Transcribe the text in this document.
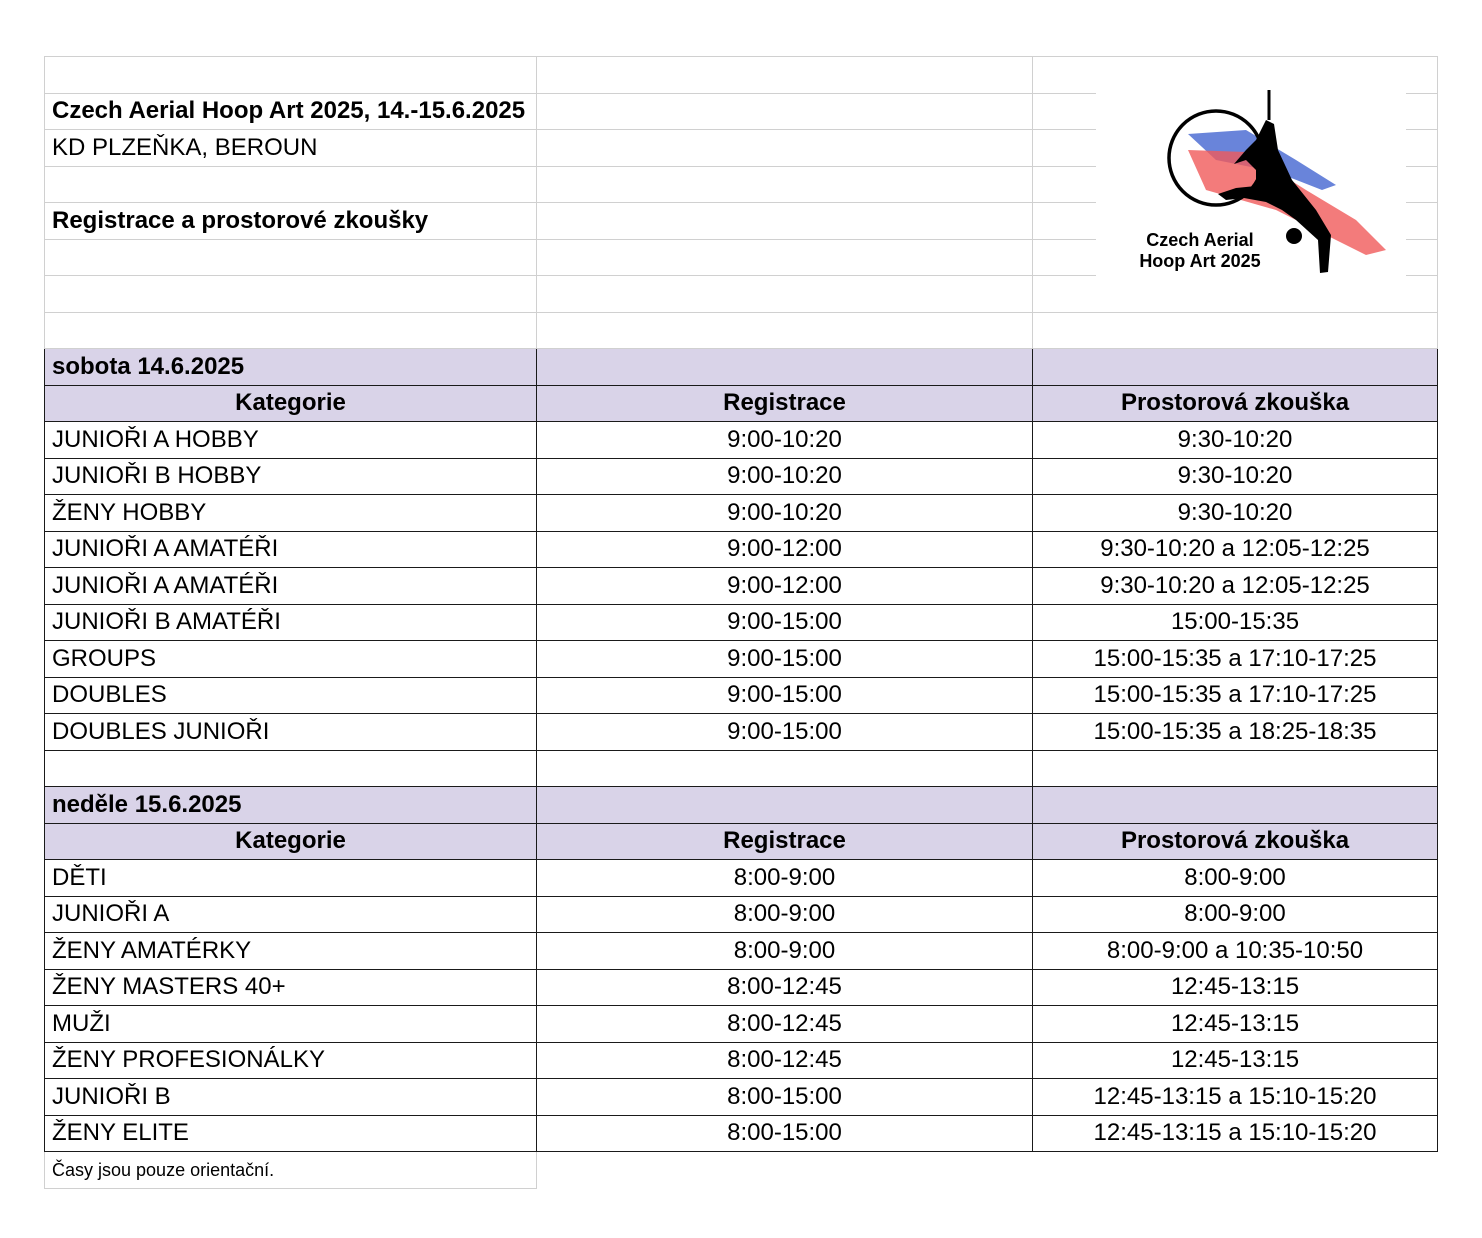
Czech Aerial Hoop Art 2025, 14.-15.6.2025		
KD PLZEŇKA, BEROUN		

Registrace a prostorové zkoušky		

sobota 14.6.2025		
Kategorie	Registrace	Prostorová zkouška
JUNIOŘI A HOBBY	9:00-10:20	9:30-10:20
JUNIOŘI B HOBBY	9:00-10:20	9:30-10:20
ŽENY HOBBY	9:00-10:20	9:30-10:20
JUNIOŘI A AMATÉŘI	9:00-12:00	9:30-10:20 a 12:05-12:25
JUNIOŘI A AMATÉŘI	9:00-12:00	9:30-10:20 a 12:05-12:25
JUNIOŘI B AMATÉŘI	9:00-15:00	15:00-15:35
GROUPS	9:00-15:00	15:00-15:35 a 17:10-17:25
DOUBLES	9:00-15:00	15:00-15:35 a 17:10-17:25
DOUBLES JUNIOŘI	9:00-15:00	15:00-15:35 a 18:25-18:35

neděle 15.6.2025		
Kategorie	Registrace	Prostorová zkouška
DĚTI	8:00-9:00	8:00-9:00
JUNIOŘI A	8:00-9:00	8:00-9:00
ŽENY AMATÉRKY	8:00-9:00	8:00-9:00 a 10:35-10:50
ŽENY MASTERS 40+	8:00-12:45	12:45-13:15
MUŽI	8:00-12:45	12:45-13:15
ŽENY PROFESIONÁLKY	8:00-12:45	12:45-13:15
JUNIOŘI B	8:00-15:00	12:45-13:15 a 15:10-15:20
ŽENY ELITE	8:00-15:00	12:45-13:15 a 15:10-15:20
Časy jsou pouze orientační.		
Czech Aerial
Hoop Art 2025
